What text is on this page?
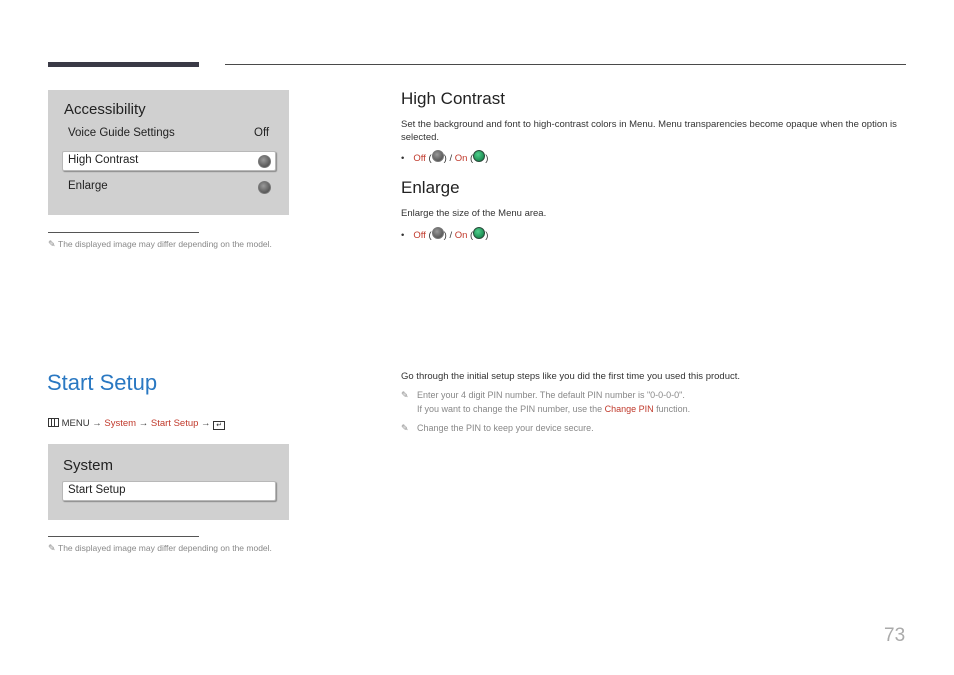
Accessibility
Voice Guide Settings	Off
High Contrast
Enlarge
✎ The displayed image may differ depending on the model.
High Contrast
Set the background and font to high-contrast colors in Menu. Menu transparencies become opaque when the option is selected.
• Off ( ) / On ( )
Enlarge
Enlarge the size of the Menu area.
• Off ( ) / On ( )
Start Setup
MENU → System → Start Setup → ↵
System
Start Setup
✎ The displayed image may differ depending on the model.
Go through the initial setup steps like you did the first time you used this product.
✎ Enter your 4 digit PIN number. The default PIN number is "0-0-0-0".
If you want to change the PIN number, use the Change PIN function.
✎ Change the PIN to keep your device secure.
73
